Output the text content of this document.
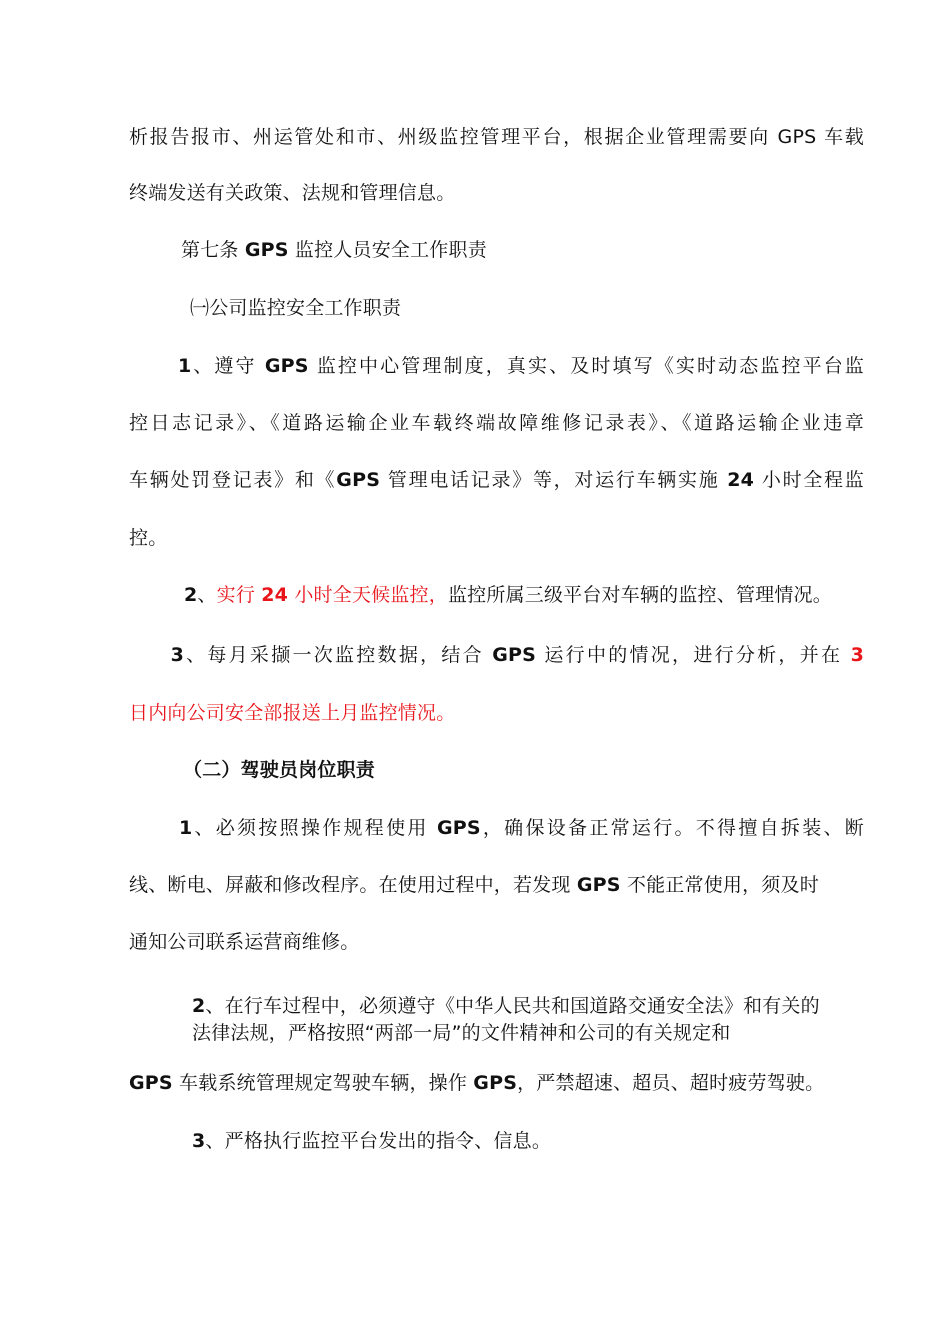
析报告报市、州运管处和市、州级监控管理平台，根据企业管理需要向 GPS 车载
终端发送有关政策、法规和管理信息。
第七条 GPS 监控人员安全工作职责
㈠公司监控安全工作职责
1、遵守 GPS 监控中心管理制度，真实、及时填写《实时动态监控平台监
控日志记录》、《道路运输企业车载终端故障维修记录表》、《道路运输企业违章
车辆处罚登记表》和《GPS 管理电话记录》等，对运行车辆实施 24 小时全程监
控。
2、实行 24 小时全天候监控，监控所属三级平台对车辆的监控、管理情况。
3、每月采撷一次监控数据，结合 GPS 运行中的情况，进行分析，并在 3
日内向公司安全部报送上月监控情况。
（二）驾驶员岗位职责
1、必须按照操作规程使用 GPS，确保设备正常运行。不得擅自拆装、断
线、断电、屏蔽和修改程序。在使用过程中，若发现 GPS 不能正常使用，须及时
通知公司联系运营商维修。
2、在行车过程中，必须遵守《中华人民共和国道路交通安全法》和有关的
法律法规，严格按照“两部一局”的文件精神和公司的有关规定和
GPS 车载系统管理规定驾驶车辆，操作 GPS，严禁超速、超员、超时疲劳驾驶。
3、严格执行监控平台发出的指令、信息。
